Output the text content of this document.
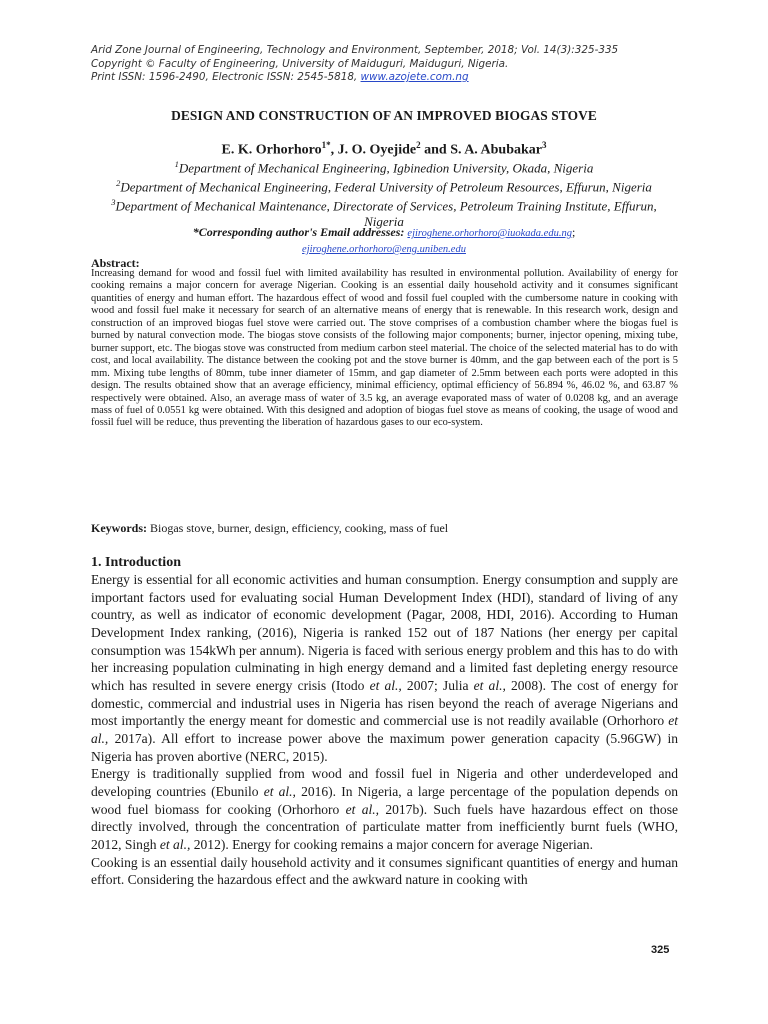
Arid Zone Journal of Engineering, Technology and Environment, September, 2018; Vol. 14(3):325-335
Copyright © Faculty of Engineering, University of Maiduguri, Maiduguri, Nigeria.
Print ISSN: 1596-2490, Electronic ISSN: 2545-5818, www.azojete.com.ng
DESIGN AND CONSTRUCTION OF AN IMPROVED BIOGAS STOVE
E. K. Orhorhoro$^{1*}$, J. O. Oyejide$^2$ and S. A. Abubakar$^3$
$^1$Department of Mechanical Engineering, Igbinedion University, Okada, Nigeria
$^2$Department of Mechanical Engineering, Federal University of Petroleum Resources, Effurun, Nigeria
$^3$Department of Mechanical Maintenance, Directorate of Services, Petroleum Training Institute, Effurun, Nigeria
*Corresponding author's Email addresses: ejiroghene.orhorhoro@iuokada.edu.ng;
ejiroghene.orhorhoro@eng.uniben.edu
Abstract:
Increasing demand for wood and fossil fuel with limited availability has resulted in environmental pollution. Availability of energy for cooking remains a major concern for average Nigerian. Cooking is an essential daily household activity and it consumes significant quantities of energy and human effort. The hazardous effect of wood and fossil fuel coupled with the cumbersome nature in cooking with wood and fossil fuel make it necessary for search of an alternative means of energy that is renewable. In this research work, design and construction of an improved biogas fuel stove were carried out. The stove comprises of a combustion chamber where the biogas fuel is burned by natural convection mode. The biogas stove consists of the following major components; burner, injector opening, mixing tube, burner support, etc. The biogas stove was constructed from medium carbon steel material. The choice of the selected material has to do with cost, and local availability. The distance between the cooking pot and the stove burner is 40mm, and the gap between each of the port is 5 mm. Mixing tube lengths of 80mm, tube inner diameter of 15mm, and gap diameter of 2.5mm between each ports were adopted in this design. The results obtained show that an average efficiency, minimal efficiency, optimal efficiency of 56.894 %, 46.02 %, and 63.87 % respectively were obtained. Also, an average mass of water of 3.5 kg, an average evaporated mass of water of 0.0208 kg, and an average mass of fuel of 0.0551 kg were obtained. With this designed and adoption of biogas fuel stove as means of cooking, the usage of wood and fossil fuel will be reduce, thus preventing the liberation of hazardous gases to our eco-system.
Keywords: Biogas stove, burner, design, efficiency, cooking, mass of fuel
1. Introduction

Energy is essential for all economic activities and human consumption. Energy consumption and supply are important factors used for evaluating social Human Development Index (HDI), standard of living of any country, as well as indicator of economic development (Pagar, 2008, HDI, 2016). According to Human Development Index ranking, (2016), Nigeria is ranked 152 out of 187 Nations (her energy per capital consumption was 154kWh per annum). Nigeria is faced with serious energy problem and this has to do with her increasing population culminating in high energy demand and a limited fast depleting energy resource which has resulted in severe energy crisis (Itodo et al., 2007; Julia et al., 2008). The cost of energy for domestic, commercial and industrial uses in Nigeria has risen beyond the reach of average Nigerians and most importantly the energy meant for domestic and commercial use is not readily available (Orhorhoro et al., 2017a). All effort to increase power above the maximum power generation capacity (5.96GW) in Nigeria has proven abortive (NERC, 2015).

Energy is traditionally supplied from wood and fossil fuel in Nigeria and other underdeveloped and developing countries (Ebunilo et al., 2016). In Nigeria, a large percentage of the population depends on wood fuel biomass for cooking (Orhorhoro et al., 2017b). Such fuels have hazardous effect on those directly involved, through the concentration of particulate matter from inefficiently burnt fuels (WHO, 2012, Singh et al., 2012). Energy for cooking remains a major concern for average Nigerian.

Cooking is an essential daily household activity and it consumes significant quantities of energy and human effort. Considering the hazardous effect and the awkward nature in cooking with

325
